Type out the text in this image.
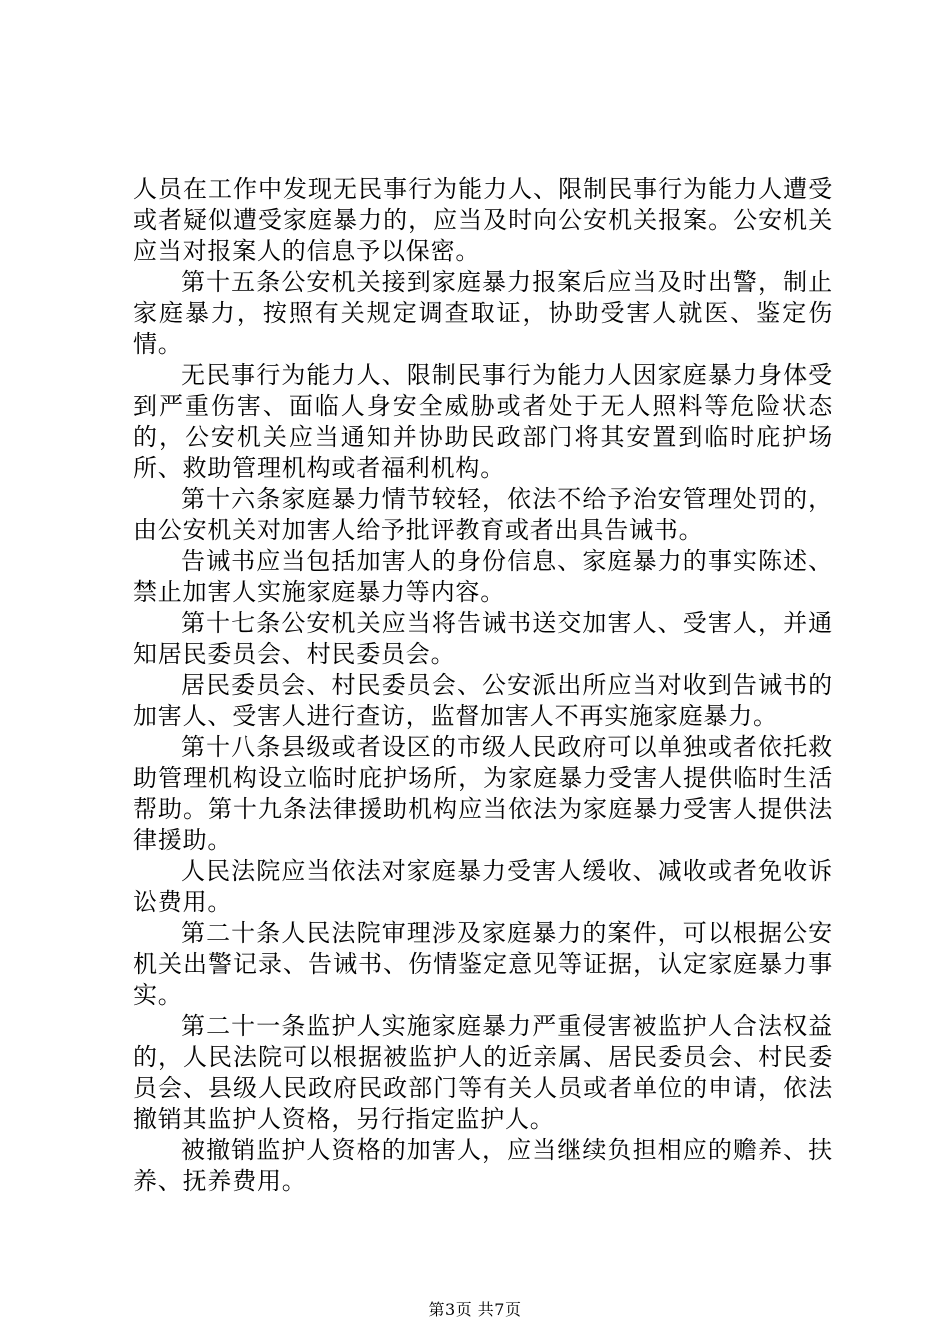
人员在工作中发现无民事行为能力人、限制民事行为能力人遭受或者疑似遭受家庭暴力的，应当及时向公安机关报案。公安机关应当对报案人的信息予以保密。

第十五条公安机关接到家庭暴力报案后应当及时出警，制止家庭暴力，按照有关规定调查取证，协助受害人就医、鉴定伤情。

无民事行为能力人、限制民事行为能力人因家庭暴力身体受到严重伤害、面临人身安全威胁或者处于无人照料等危险状态的，公安机关应当通知并协助民政部门将其安置到临时庇护场所、救助管理机构或者福利机构。

第十六条家庭暴力情节较轻，依法不给予治安管理处罚的，由公安机关对加害人给予批评教育或者出具告诫书。

告诫书应当包括加害人的身份信息、家庭暴力的事实陈述、禁止加害人实施家庭暴力等内容。

第十七条公安机关应当将告诫书送交加害人、受害人，并通知居民委员会、村民委员会。

居民委员会、村民委员会、公安派出所应当对收到告诫书的加害人、受害人进行查访，监督加害人不再实施家庭暴力。

第十八条县级或者设区的市级人民政府可以单独或者依托救助管理机构设立临时庇护场所，为家庭暴力受害人提供临时生活帮助。第十九条法律援助机构应当依法为家庭暴力受害人提供法律援助。

人民法院应当依法对家庭暴力受害人缓收、减收或者免收诉讼费用。

第二十条人民法院审理涉及家庭暴力的案件，可以根据公安机关出警记录、告诫书、伤情鉴定意见等证据，认定家庭暴力事实。

第二十一条监护人实施家庭暴力严重侵害被监护人合法权益的，人民法院可以根据被监护人的近亲属、居民委员会、村民委员会、县级人民政府民政部门等有关人员或者单位的申请，依法撤销其监护人资格，另行指定监护人。

被撤销监护人资格的加害人，应当继续负担相应的赡养、扶养、抚养费用。

第3页 共7页
